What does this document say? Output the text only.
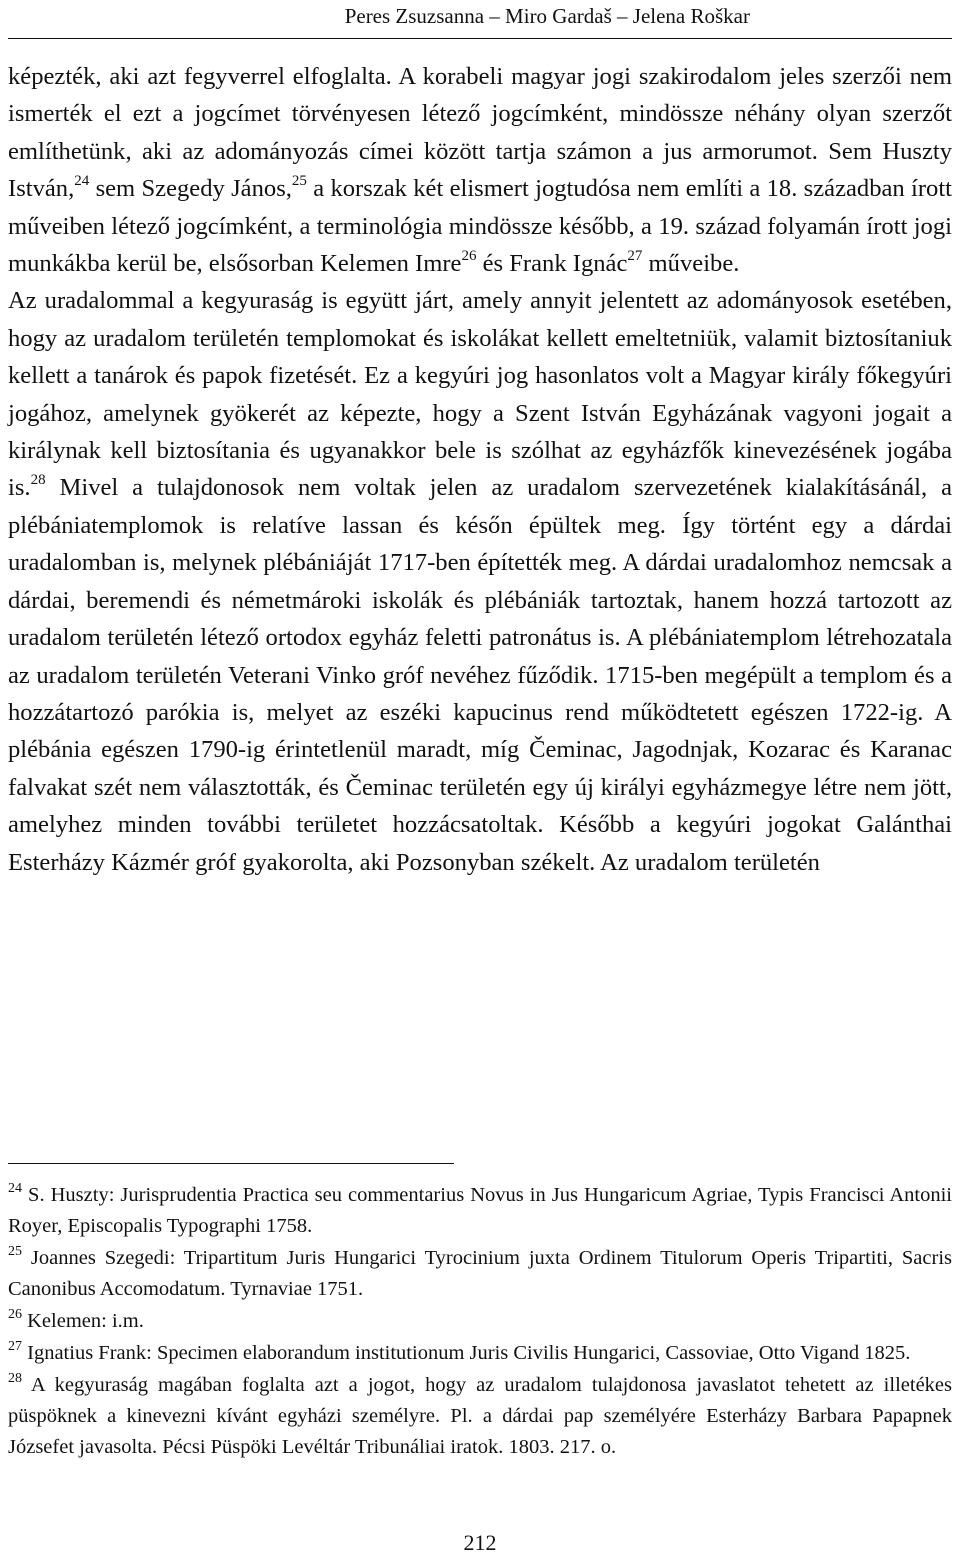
Peres Zsuzsanna – Miro Gardaš – Jelena Roškar

képezték, aki azt fegyverrel elfoglalta. A korabeli magyar jogi szakirodalom jeles szerzői nem ismerték el ezt a jogcímet törvényesen létező jogcímként, mindössze néhány olyan szerzőt említhetünk, aki az adományozás címei között tartja számon a jus armorumot. Sem Huszty István,$^{24}$ sem Szegedy János,$^{25}$ a korszak két elismert jogtudósa nem említi a 18. században írott műveiben létező jogcímként, a terminológia mindössze később, a 19. század folyamán írott jogi munkákba kerül be, elsősorban Kelemen Imre$^{26}$ és Frank Ignác$^{27}$ műveibe.

Az uradalommal a kegyuraság is együtt járt, amely annyit jelentett az adományosok esetében, hogy az uradalom területén templomokat és iskolákat kellett emeltetniük, valamit biztosítaniuk kellett a tanárok és papok fizetését. Ez a kegyúri jog hasonlatos volt a Magyar király főkegyúri jogához, amelynek gyökerét az képezte, hogy a Szent István Egyházának vagyoni jogait a királynak kell biztosítania és ugyanakkor bele is szólhat az egyházfők kinevezésének jogába is.$^{28}$ Mivel a tulajdonosok nem voltak jelen az uradalom szervezetének kialakításánál, a plébániatemplomok is relatíve lassan és későn épültek meg. Így történt egy a dárdai uradalomban is, melynek plébániáját 1717-ben építették meg. A dárdai uradalomhoz nemcsak a dárdai, beremendi és németmároki iskolák és plébániák tartoztak, hanem hozzá tartozott az uradalom területén létező ortodox egyház feletti patronátus is. A plébániatemplom létrehozatala az uradalom területén Veterani Vinko gróf nevéhez fűződik. 1715-ben megépült a templom és a hozzátartozó parókia is, melyet az eszéki kapucinus rend működtetett egészen 1722-ig. A plébánia egészen 1790-ig érintetlenül maradt, míg Čeminac, Jagodnjak, Kozarac és Karanac falvakat szét nem választották, és Čeminac területén egy új királyi egyházmegye létre nem jött, amelyhez minden további területet hozzácsatoltak. Később a kegyúri jogokat Galánthai Esterházy Kázmér gróf gyakorolta, aki Pozsonyban székelt. Az uradalom területén

$^{24}$ S. Huszty: Jurisprudentia Practica seu commentarius Novus in Jus Hungaricum Agriae, Typis Francisci Antonii Royer, Episcopalis Typographi 1758.

$^{25}$ Joannes Szegedi: Tripartitum Juris Hungarici Tyrocinium juxta Ordinem Titulorum Operis Tripartiti, Sacris Canonibus Accomodatum. Tyrnaviae 1751.

$^{26}$ Kelemen: i.m.

$^{27}$ Ignatius Frank: Specimen elaborandum institutionum Juris Civilis Hungarici, Cassoviae, Otto Vigand 1825.

$^{28}$ A kegyuraság magában foglalta azt a jogot, hogy az uradalom tulajdonosa javaslatot tehetett az illetékes püspöknek a kinevezni kívánt egyházi személyre. Pl. a dárdai pap személyére Esterházy Barbara Papapnek Józsefet javasolta. Pécsi Püspöki Levéltár Tribunáliai iratok. 1803. 217. o.

212
